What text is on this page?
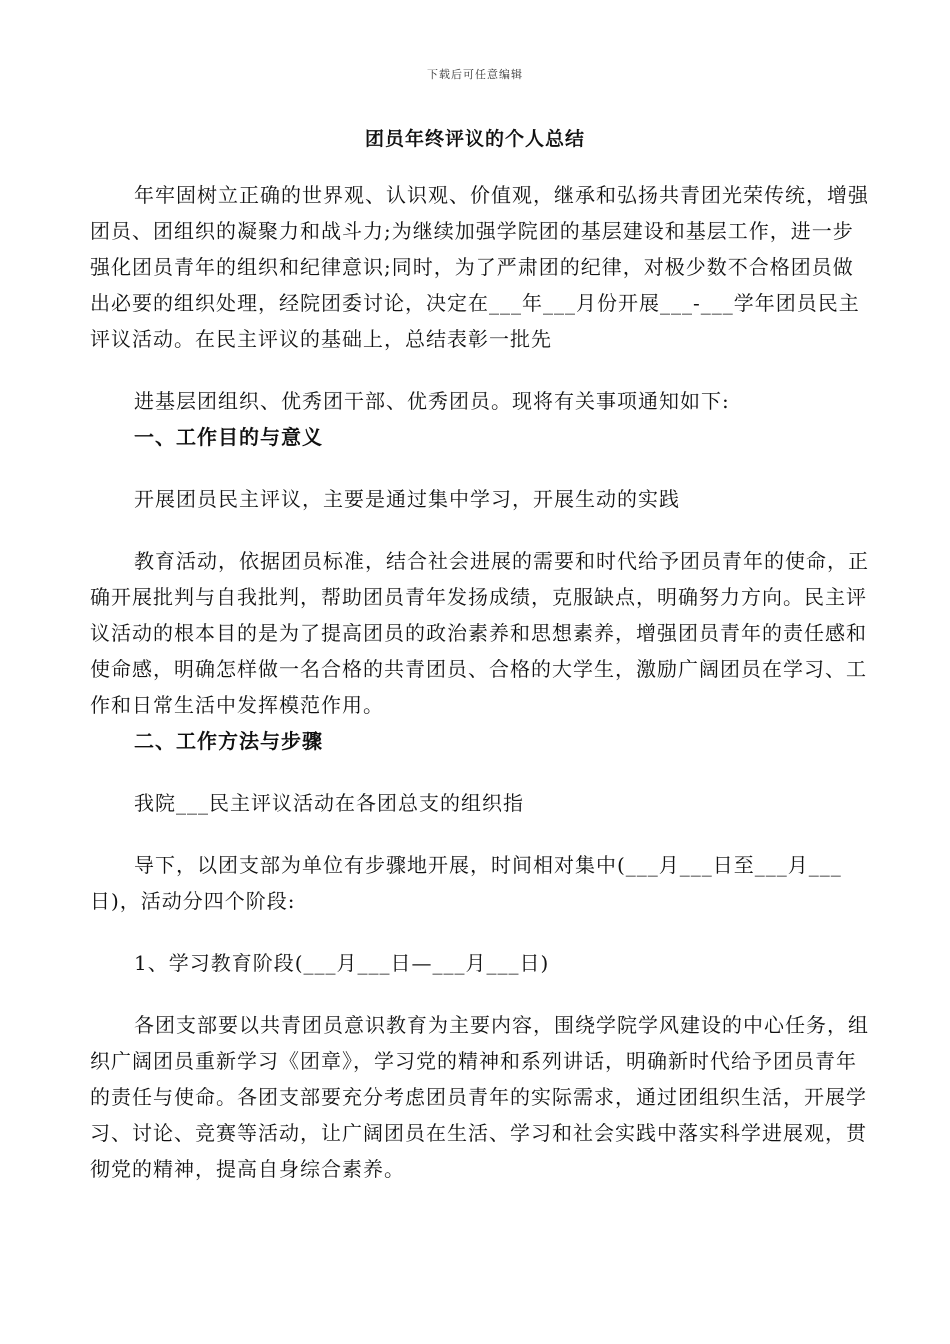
下载后可任意编辑
团员年终评议的个人总结

年牢固树立正确的世界观、认识观、价值观，继承和弘扬共青团光荣传统，增强团员、团组织的凝聚力和战斗力;为继续加强学院团的基层建设和基层工作，进一步强化团员青年的组织和纪律意识;同时，为了严肃团的纪律，对极少数不合格团员做出必要的组织处理，经院团委讨论，决定在___年___月份开展___-___学年团员民主评议活动。在民主评议的基础上，总结表彰一批先

进基层团组织、优秀团干部、优秀团员。现将有关事项通知如下:

一、工作目的与意义

开展团员民主评议，主要是通过集中学习，开展生动的实践

教育活动，依据团员标准，结合社会进展的需要和时代给予团员青年的使命，正确开展批判与自我批判，帮助团员青年发扬成绩，克服缺点，明确努力方向。民主评议活动的根本目的是为了提高团员的政治素养和思想素养，增强团员青年的责任感和使命感，明确怎样做一名合格的共青团员、合格的大学生，激励广阔团员在学习、工作和日常生活中发挥模范作用。

二、工作方法与步骤

我院___民主评议活动在各团总支的组织指

导下，以团支部为单位有步骤地开展，时间相对集中(___月___日至___月___日)，活动分四个阶段:

1、学习教育阶段(___月___日—___月___日)

各团支部要以共青团员意识教育为主要内容，围绕学院学风建设的中心任务，组织广阔团员重新学习《团章》，学习党的精神和系列讲话，明确新时代给予团员青年的责任与使命。各团支部要充分考虑团员青年的实际需求，通过团组织生活，开展学习、讨论、竞赛等活动，让广阔团员在生活、学习和社会实践中落实科学进展观，贯彻党的精神，提高自身综合素养。
